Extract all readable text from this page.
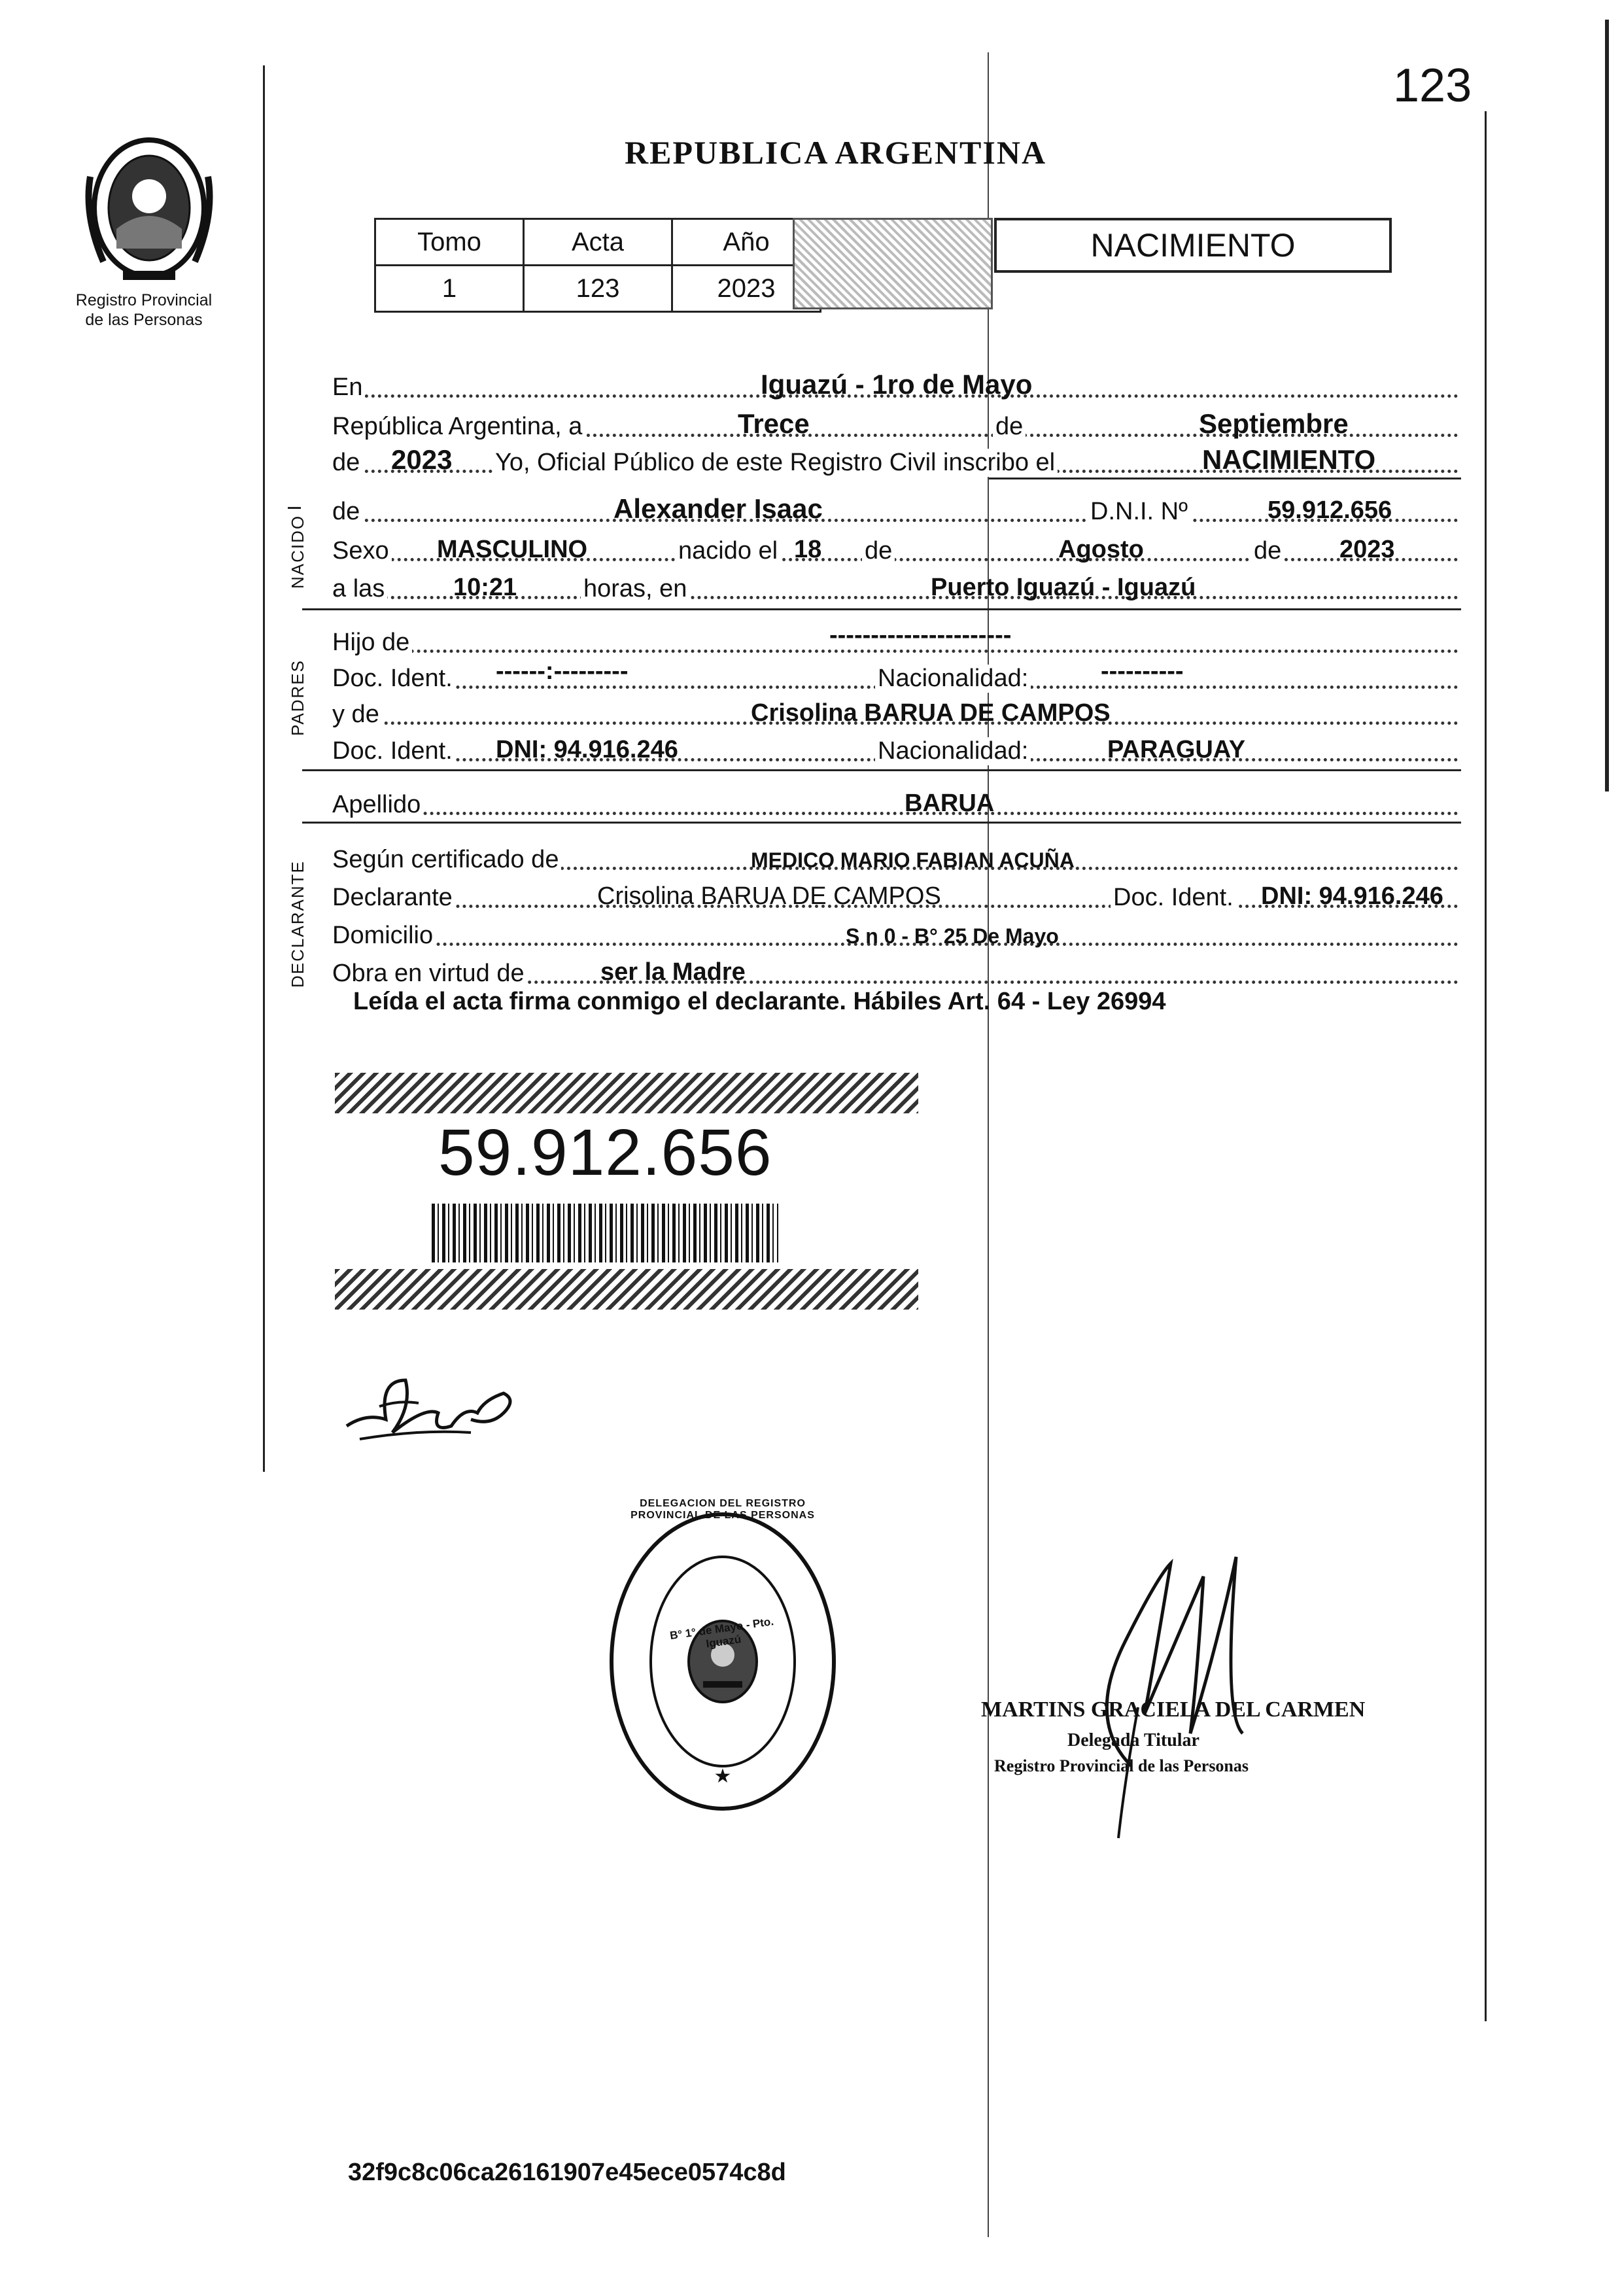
123
Registro Provincial
de las Personas
REPUBLICA ARGENTINA
Tomo	Acta	Año
1	123	2023
NACIMIENTO
NACIDO
PADRES
DECLARANTE
En	Iguazú - 1ro de Mayo
República Argentina, a	Trece	de	Septiembre
de 2023 Yo, Oficial Público de este Registro Civil inscribo el	NACIMIENTO
de	Alexander Isaac	D.N.I. Nº	59.912.656
Sexo MASCULINO	nacido el 18 de	Agosto	de 2023
a las	10:21	horas, en	Puerto Iguazú - Iguazú
Hijo de	----------------------
Doc. Ident. ------:---------	Nacionalidad:	----------
y de	Crisolina BARUA DE CAMPOS
Doc. Ident. DNI: 94.916.246	Nacionalidad:	PARAGUAY
Apellido	BARUA
Según certificado de	MEDICO MARIO FABIAN ACUÑA
Declarante	Crisolina BARUA DE CAMPOS	Doc. Ident. DNI: 94.916.246
Domicilio	S n 0 - B° 25 De Mayo
Obra en virtud de	ser la Madre
Leída el acta firma conmigo el declarante. Hábiles Art. 64 - Ley 26994
59.912.656
★
B° 1° de Mayo - Pto. Iguazú
DELEGACION DEL REGISTRO PROVINCIAL DE LAS PERSONAS
MARTINS GRACIELA DEL CARMEN
Delegada Titular
Registro Provincial de las Personas
32f9c8c06ca26161907e45ece0574c8d
